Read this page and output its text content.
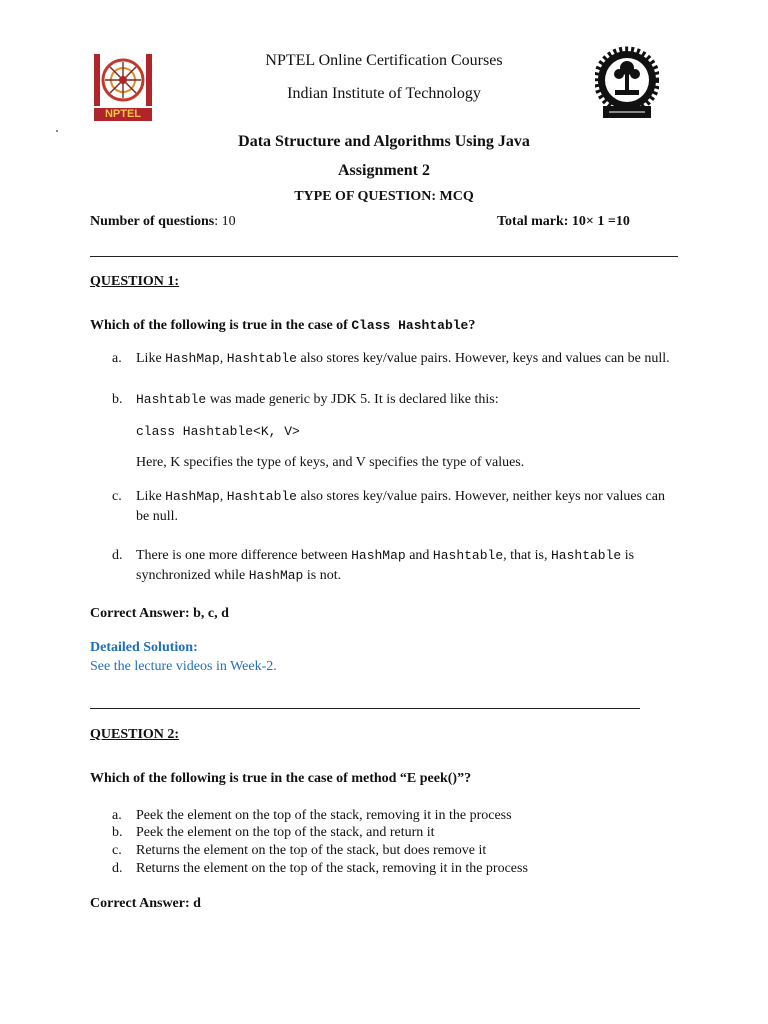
NPTEL
NPTEL Online Certification Courses
Indian Institute of Technology
Data Structure and Algorithms Using Java
Assignment 2
TYPE OF QUESTION: MCQ
Number of questions: 10	Total mark: 10× 1 =10
QUESTION 1:
Which of the following is true in the case of Class Hashtable?
a. Like HashMap, Hashtable also stores key/value pairs. However, keys and values can be null.
b. Hashtable was made generic by JDK 5. It is declared like this:
class Hashtable<K, V>
Here, K specifies the type of keys, and V specifies the type of values.
c. Like HashMap, Hashtable also stores key/value pairs. However, neither keys nor values can be null.
d. There is one more difference between HashMap and Hashtable, that is, Hashtable is synchronized while HashMap is not.
Correct Answer: b, c, d
Detailed Solution:
See the lecture videos in Week-2.
QUESTION 2:
Which of the following is true in the case of method “E peek()”?
a. Peek the element on the top of the stack, removing it in the process
b. Peek the element on the top of the stack, and return it
c. Returns the element on the top of the stack, but does remove it
d. Returns the element on the top of the stack, removing it in the process
Correct Answer: d
